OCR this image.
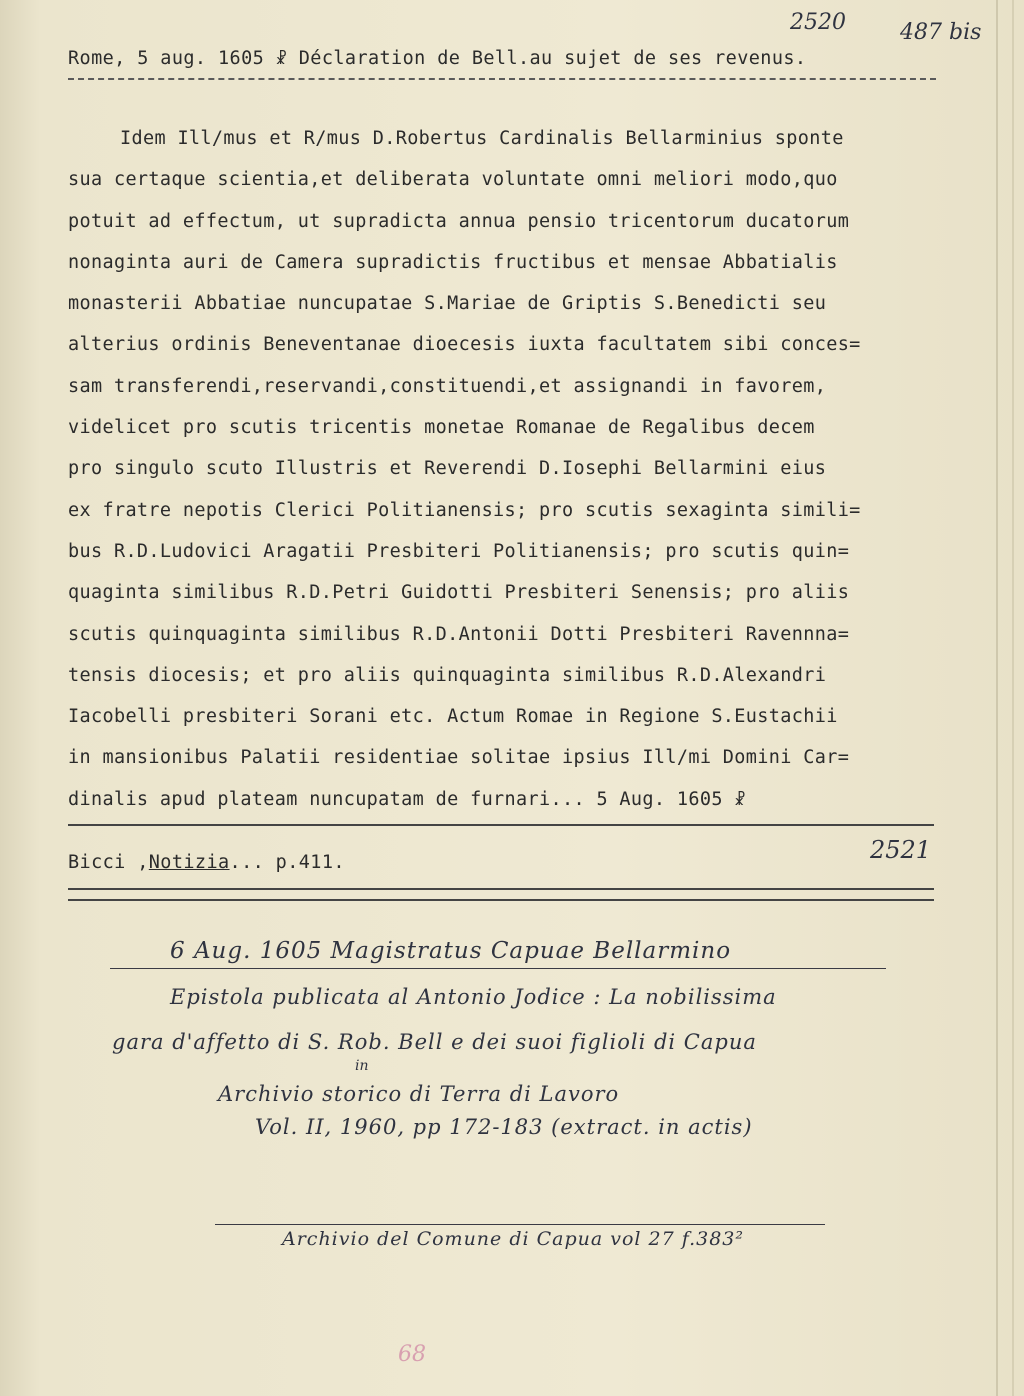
2520 487 bis
Rome, 5 aug. 1605 ☧ Déclaration de Bell.au sujet de ses revenus.
Idem Ill/mus et R/mus D.Robertus Cardinalis Bellarminius sponte
sua certaque scientia,et deliberata voluntate omni meliori modo,quo
potuit ad effectum, ut supradicta annua pensio tricentorum ducatorum
nonaginta auri de Camera supradictis fructibus et mensae Abbatialis
monasterii Abbatiae nuncupatae S.Mariae de Griptis S.Benedicti seu
alterius ordinis Beneventanae dioecesis iuxta facultatem sibi conces=
sam transferendi,reservandi,constituendi,et assignandi in favorem,
videlicet pro scutis tricentis monetae Romanae de Regalibus decem
pro singulo scuto Illustris et Reverendi D.Iosephi Bellarmini eius
ex fratre nepotis Clerici Politianensis; pro scutis sexaginta simili=
bus R.D.Ludovici Aragatii Presbiteri Politianensis; pro scutis quin=
quaginta similibus R.D.Petri Guidotti Presbiteri Senensis; pro aliis
scutis quinquaginta similibus R.D.Antonii Dotti Presbiteri Ravennna=
tensis diocesis; et pro aliis quinquaginta similibus R.D.Alexandri
Iacobelli presbiteri Sorani etc. Actum Romae in Regione S.Eustachii
in mansionibus Palatii residentiae solitae ipsius Ill/mi Domini Car=
dinalis apud plateam nuncupatam de furnari... 5 Aug. 1605 ☧
Bicci ,Notizia... p.411.	2521
6 Aug. 1605 Magistratus Capuae Bellarmino
Epistola publicata al Antonio Jodice : La nobilissima
gara d'affetto di S. Rob. Bell e dei suoi figlioli di Capua
in
Archivio storico di Terra di Lavoro
Vol. II, 1960, pp 172-183 (extract. in actis)
Archivio del Comune di Capua vol 27 f.383²
68
